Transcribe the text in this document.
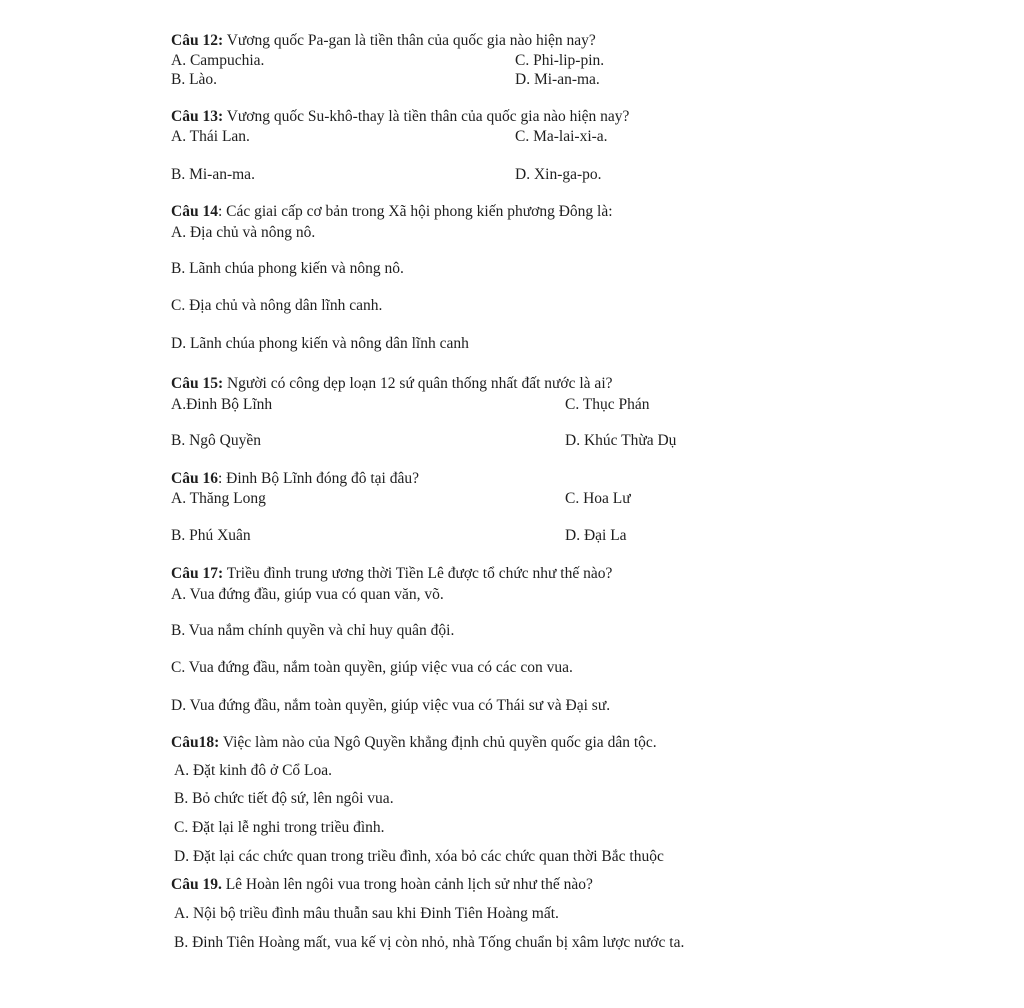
Câu 12: Vương quốc Pa-gan là tiền thân của quốc gia nào hiện nay?
A. Campuchia.	C. Phi-lip-pin.
B. Lào.	D. Mi-an-ma.
Câu 13: Vương quốc Su-khô-thay là tiền thân của quốc gia nào hiện nay?
A. Thái Lan.	C. Ma-lai-xi-a.
B. Mi-an-ma.	D. Xin-ga-po.
Câu 14: Các giai cấp cơ bản trong Xã hội phong kiến phương Đông là:
A. Địa chủ và nông nô.
B. Lãnh chúa phong kiến và nông nô.
C. Địa chủ và nông dân lĩnh canh.
D. Lãnh chúa phong kiến và nông dân lĩnh canh
Câu 15: Người có công dẹp loạn 12 sứ quân thống nhất đất nước là ai?
A.Đinh Bộ Lĩnh	C. Thục Phán
B. Ngô Quyền	D. Khúc Thừa Dụ
Câu 16: Đinh Bộ Lĩnh đóng đô tại đâu?
A. Thăng Long	C. Hoa Lư
B. Phú Xuân	D. Đại La
Câu 17: Triều đình trung ương thời Tiền Lê được tổ chức như thế nào?
A. Vua đứng đầu, giúp vua có quan văn, võ.
B. Vua nắm chính quyền và chỉ huy quân đội.
C. Vua đứng đầu, nắm toàn quyền, giúp việc vua có các con vua.
D. Vua đứng đầu, nắm toàn quyền, giúp việc vua có Thái sư và Đại sư.
Câu18: Việc làm nào của Ngô Quyền khẳng định chủ quyền quốc gia dân tộc.
A. Đặt kinh đô ở Cổ Loa.
B. Bỏ chức tiết độ sứ, lên ngôi vua.
C. Đặt lại lễ nghi trong triều đình.
D. Đặt lại các chức quan trong triều đình, xóa bỏ các chức quan thời Bắc thuộc
Câu 19. Lê Hoàn lên ngôi vua trong hoàn cảnh lịch sử như thế nào?
A. Nội bộ triều đình mâu thuẫn sau khi Đinh Tiên Hoàng mất.
B. Đinh Tiên Hoàng mất, vua kế vị còn nhỏ, nhà Tống chuẩn bị xâm lược nước ta.
